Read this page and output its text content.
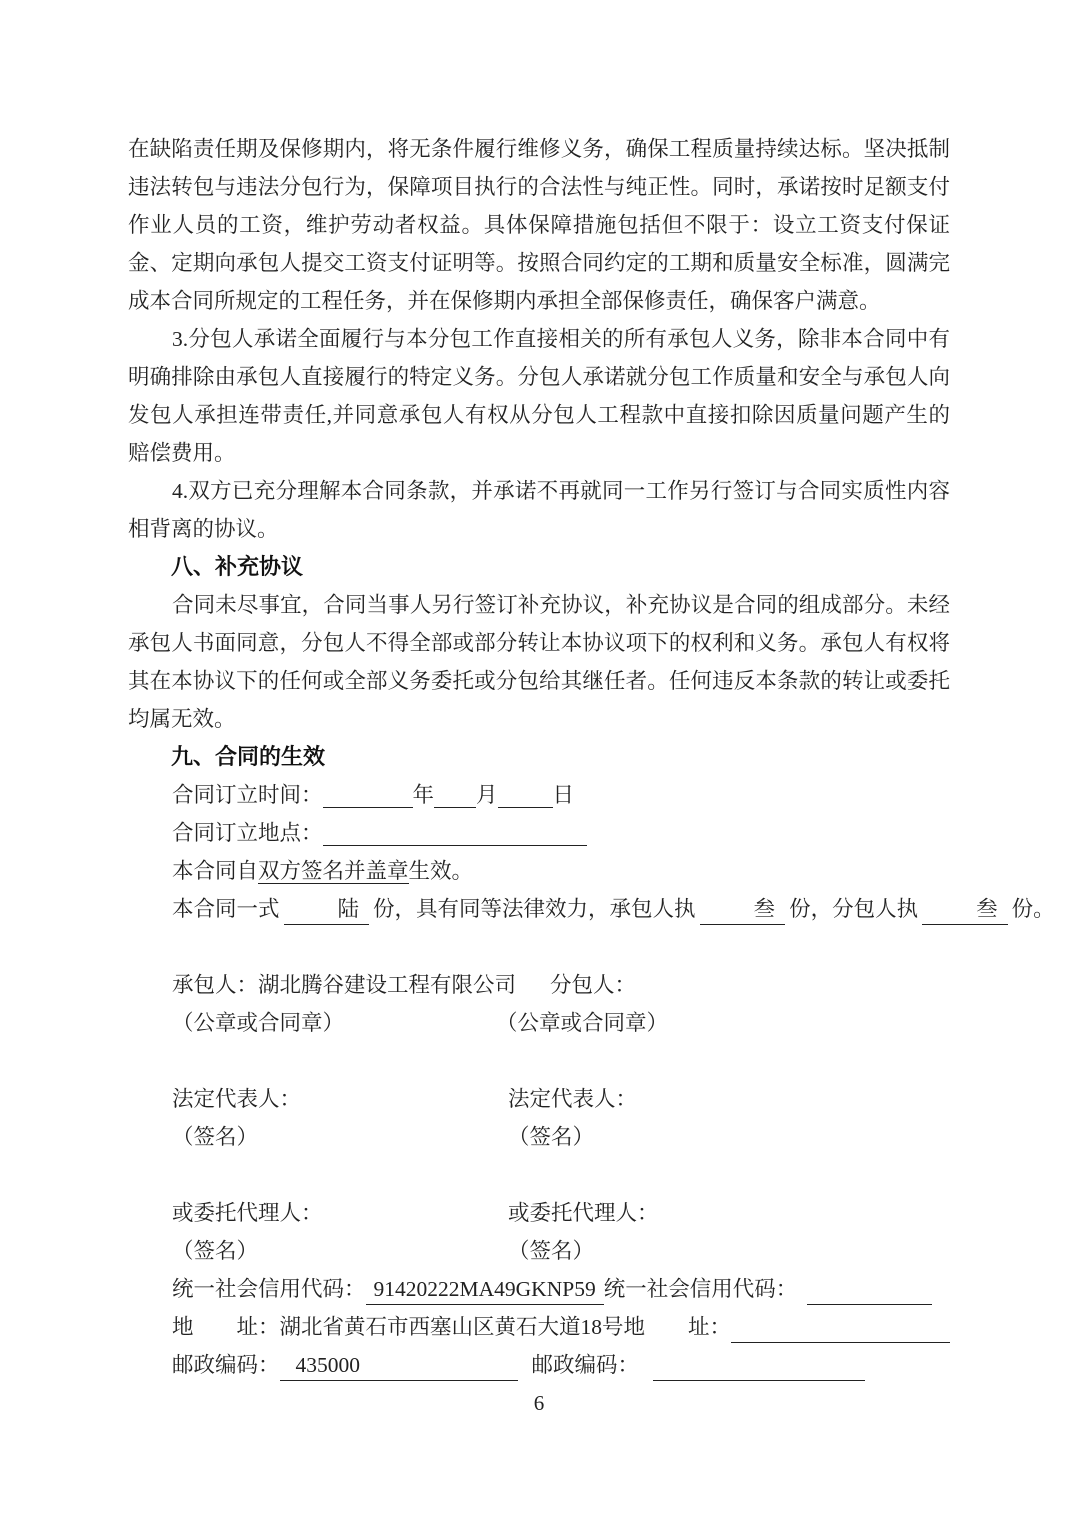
在缺陷责任期及保修期内，将无条件履行维修义务，确保工程质量持续达标。坚决抵制违法转包与违法分包行为，保障项目执行的合法性与纯正性。同时，承诺按时足额支付作业人员的工资，维护劳动者权益。具体保障措施包括但不限于：设立工资支付保证金、定期向承包人提交工资支付证明等。按照合同约定的工期和质量安全标准，圆满完成本合同所规定的工程任务，并在保修期内承担全部保修责任，确保客户满意。

3.分包人承诺全面履行与本分包工作直接相关的所有承包人义务，除非本合同中有明确排除由承包人直接履行的特定义务。分包人承诺就分包工作质量和安全与承包人向发包人承担连带责任,并同意承包人有权从分包人工程款中直接扣除因质量问题产生的赔偿费用。

4.双方已充分理解本合同条款，并承诺不再就同一工作另行签订与合同实质性内容相背离的协议。

八、补充协议

合同未尽事宜，合同当事人另行签订补充协议，补充协议是合同的组成部分。未经承包人书面同意，分包人不得全部或部分转让本协议项下的权利和义务。承包人有权将其在本协议下的任何或全部义务委托或分包给其继任者。任何违反本条款的转让或委托均属无效。

九、合同的生效

合同订立时间：	年 月	日

合同订立地点：

本合同自双方签名并盖章生效。

本合同一式	陆 份，具有同等法律效力，承包人执	叁 份，分包人执	叁 份。

承包人：湖北腾谷建设工程有限公司 分包人：
（公章或合同章）	（公章或合同章）
法定代表人：	法定代表人：
（签名）	（签名）
或委托代理人：	或委托代理人：
（签名）	（签名）
统一社会信用代码： 91420222MA49GKNP59 统一社会信用代码：
地　　址： 湖北省黄石市西塞山区黄石大道18号 地　　址：
邮政编码： 435000	邮政编码：
6
